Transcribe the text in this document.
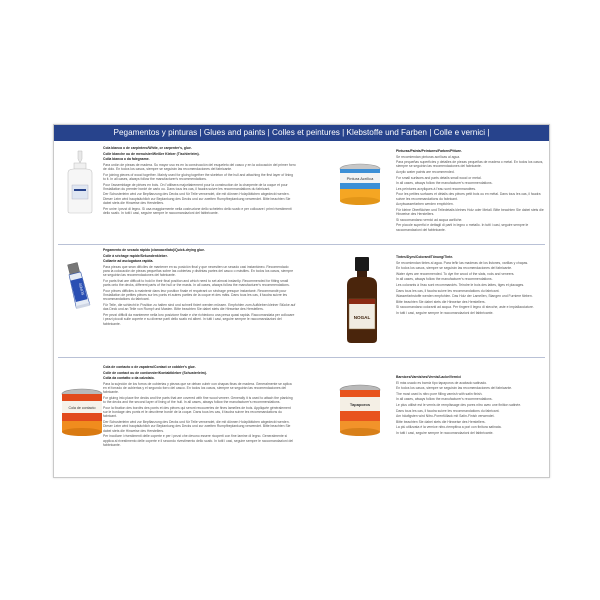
Pegamentos y pinturas | Glues and paints | Colles et peintures | Klebstoffe und Farben | Colle e vernici |

Cola blanca o de carpintero/White, or carpenter's, glue.

Colle blanche ou de menuisier/Weißer Kleber (Tischlerleim).

Colla bianca o da falegname.

Para unión de piezas de madera. Su mayor uso es en la construcción del esqueleto del casco y en la colocación del primer forro de dolo. En todos los casos, siempre se seguirán las recomendaciones del fabricante.

For joining pieces of wood together. Mainly used for gluing together the skeleton of the hull and attaching the first layer of lining to it. In all cases, always follow the manufacturer's recommendations.

Pour l'assemblage de pièces en bois. On l'utilisera majoritairement pour la construction de la charpente de la coque et pour l'installation du premier bordé de carlo ou. Dans tous les cas, il faudra suivre les recommandations du fabricant.

Der Schusterleim wird zur Bepflanzung des Decks und für Teile verwendet, die mit dünnen Holzplättchen abgedeckt werden. Dieser Leim wird hauptsächlich zur Beplankung des Decks und zur zweiten Rumpfbeplankung verwendet. Bitte beachten Sie dabei stets die Hinweise des Herstellers.

Per unire i pezzi di legno. Si usa maggiormente nella costruzione dello scheletro dello scafo e per collocare i primi rivestimenti dello scafo. In tutti i casi, seguire sempre le raccomandazioni del fabbricante.

Pintura Acrílica

Pinturas/Paints/Peintures/Farben/Pitture.

Se recomiendan pinturas acrílicas al agua.

Para pequeñas superficies y detalles de piezas pequeñas de madera o metal. En todos los casos, siempre se seguirán las recomendaciones del fabricante.

Acrylic water paints are recommended.

For small surfaces and parts details small wood or metal.

In all cases, always follow the manufacturer's recommendations.

Les peintures acryliques à l'eau sont recommandées.

Pour les petites surfaces et détails des pièces petit bois ou en métal. Dans tous les cas, il faudra suivre les recommandations du fabricant.

Acrylwasserfarben werden empfohlen.

Für kleine Oberflächen und Teiledetails kleines Holz oder Metall. Bitte beachten Sie dabei stets die Hinweise des Herstellers.

Si raccomandano vernici ad acqua acriliche.

Per piccole superfici e dettagli di parti in legno o metallo. In tutti i casi, seguire sempre le raccomandazioni del fabbricante.

SUPER

Pegamento de secado rápido (cianoacrilato)/Quick-drying glue.

Colle à séchage rapide/Sekundenkleber.

Collante ad asciugatura rapida.

Para piezas que sean difíciles de mantener en su posición final y que necesiten un secado casi instantáneo. Recomendado para la colocación de piezas pequeñas sobre las cubiertas y distintas partes del casco o mástiles. En todos los casos, siempre se seguirán las recomendaciones del fabricante.

For parts that are difficult to hold in their final position and which need to set almost instantly. Recommended for fitting small parts onto the decks, different parts of the hull or the masts. In all cases, always follow the manufacturer's recommendations.

Pour pièces difficiles à maintenir dans leur position finale et requérant un séchage presque instantané. Recommandé pour l'installation de petites pièces sur les ponts et autres parties de la coque et des mâts. Dans tous les cas, il faudra suivre les recommandations du fabricant.

Für Teile, die schlecht in Position zu halten sind und schnell fixiert werden müssen. Empfohlen zum Aufkleben kleiner Stücke auf das Deck und an Teile von Rumpf und Masten. Bitte beachten Sie dabei stets die Hinweise des Herstellers.

Per pezzi difficili da mantenere nella loro posizione finale e che richiedono una presa quasi rapida. Raccomandata per collocare i pezzi piccoli sulle coperte e su diverse parti dello scafo ed alberi. In tutti i casi, seguire sempre le raccomandazioni del fabbricante.

NOGAL

Tintes/Dyes/Colorant/Tönung/Tinte.

Se recomiendan tintes al agua. Para teñir las maderas de los listones, varillas y chapas.

En todos los casos, siempre se seguirán las recomendaciones del fabricante.

Water dyes are recommended. To dye the wood of the slats, rods and veneers.

In all cases, always follow the manufacturer's recommendations.

Les colorants à l'eau sont recommandés. Teindre le bois des lattes, tiges et placages.

Dans tous les cas, il faudra suivre les recommandations du fabricant.

Wasserfarbstoffe werden empfohlen. Das Holz der Lamellen, Stangen und Furniere färben.

Bitte beachten Sie dabei stets die Hinweise des Herstellers.

Si raccomandano coloranti ad acqua. Per tingere il legno di stecche, aste e impiallacciature.

In tutti i casi, seguire sempre le raccomandazioni del fabbricante.

Cola de contacto

Cola de contacto o de zapatero/Contact or cobbler's glue.

Colle de contact ou de cordonnier/Kontaktkleber (Schusterleim).

Colla da contatto o da calzolaio.

Para la sujeción de los forros de cubiertas y piezas que se deban cubrir con chapas finas de madera. Generalmente se aplica en el forrado de cubiertas y el segundo forro del casco. En todos los casos, siempre se seguirán las recomendaciones del fabricante.

For gluing into place the decks and the parts that are covered with fine wood veneer. Generally it is used to attach the planking to the decks and the second layer of lining of the hull. In all cases, always follow the manufacturer's recommendations.

Pour la fixation des bordés des ponts et des pièces qui seront recouvertes de fines lamelles de bois. Appliquée généralement sur le bordage des ponts et le deuxième bordé de la coque. Dans tous les cas, il faudra suivre les recommandations du fabricant.

Der Schusterleim wird zur Bepflanzung des Decks und für Teile verwendet, die mit dünnen Holzplättchen abgedeckt werden. Dieser Leim wird hauptsächlich zur Beplankung des Decks und zur zweiten Rumpfbeplankung verwendet. Bitte beachten Sie dabei stets die Hinweise des Herstellers.

Per incollare i rivestimenti delle coperte e per i pezzi che devono essere ricoperti con fine lamine di legno. Generalmente si applica al rivestimento delle coperte e il secondo rivestimento dello scafo. In tutti i casi, seguire sempre le raccomandazioni del fabbricante.

Tapaporos

Barnices/Varnishes/Vernis/Lacke/Vernici

El más usado es barniz tipo tapaporos de acabado satinado.

En todos los casos, siempre se seguirán las recomendaciones del fabricante.

The most used is nitro pore filling varnish with satin finish.

In all cases, always follow the manufacturer's recommendations.

Le plus utilisé est le vernis de remplissage des pores nitro avec une finition satinée.

Dans tous les cas, il faudra suivre les recommandations du fabricant.

Am häufigsten wird Nitro-Porenfüllack mit Satin-Finish verwendet.

Bitte beachten Sie dabei stets die Hinweise des Herstellers.

La più utilizzata è la vernice nitro-riempitiva a pori con finitura satinata.

In tutti i casi, seguire sempre le raccomandazioni del fabbricante.
